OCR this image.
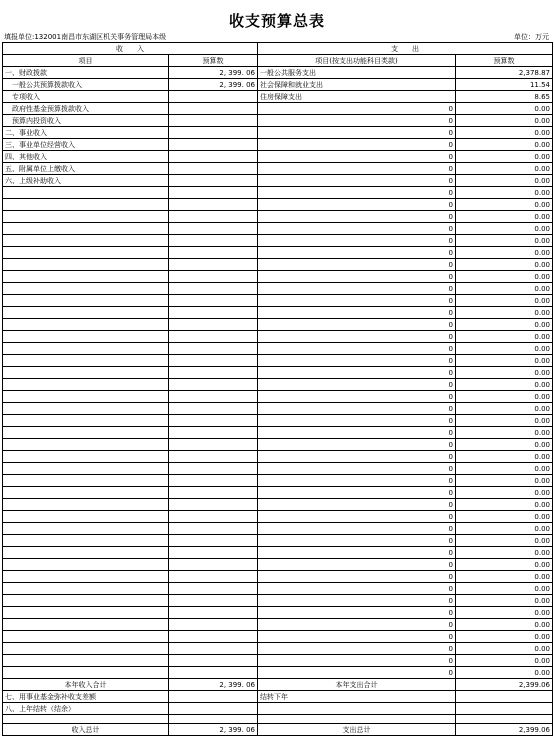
收支预算总表
填报单位:132001南昌市东湖区机关事务管理局本级	单位：万元
收　　入		支　　出	
项目	预算数	项目(按支出功能科目类款)	预算数
一、财政拨款	2, 399. 06	一般公共服务支出	2,378.87
　一般公共预算拨款收入	2, 399. 06	社会保障和就业支出	11.54
　专项收入		住房保障支出	8.65
　政府性基金预算拨款收入		0	0.00
　预算内投资收入		0	0.00
二、事业收入		0	0.00
三、事业单位经营收入		0	0.00
四、其他收入		0	0.00
五、附属单位上缴收入		0	0.00
六、上级补助收入		0	0.00
		0	0.00
		0	0.00
		0	0.00
		0	0.00
		0	0.00
		0	0.00
		0	0.00
		0	0.00
		0	0.00
		0	0.00
		0	0.00
		0	0.00
		0	0.00
		0	0.00
		0	0.00
		0	0.00
		0	0.00
		0	0.00
		0	0.00
		0	0.00
		0	0.00
		0	0.00
		0	0.00
		0	0.00
		0	0.00
		0	0.00
		0	0.00
		0	0.00
		0	0.00
		0	0.00
		0	0.00
		0	0.00
		0	0.00
		0	0.00
		0	0.00
		0	0.00
		0	0.00
		0	0.00
		0	0.00
		0	0.00
		0	0.00
本年收入合计	2, 399. 06	本年支出合计	2,399.06
七、用事业基金弥补收支差额		结转下年	
八、上年结转（结余）			

收入总计	2, 399. 06	支出总计	2,399.06
